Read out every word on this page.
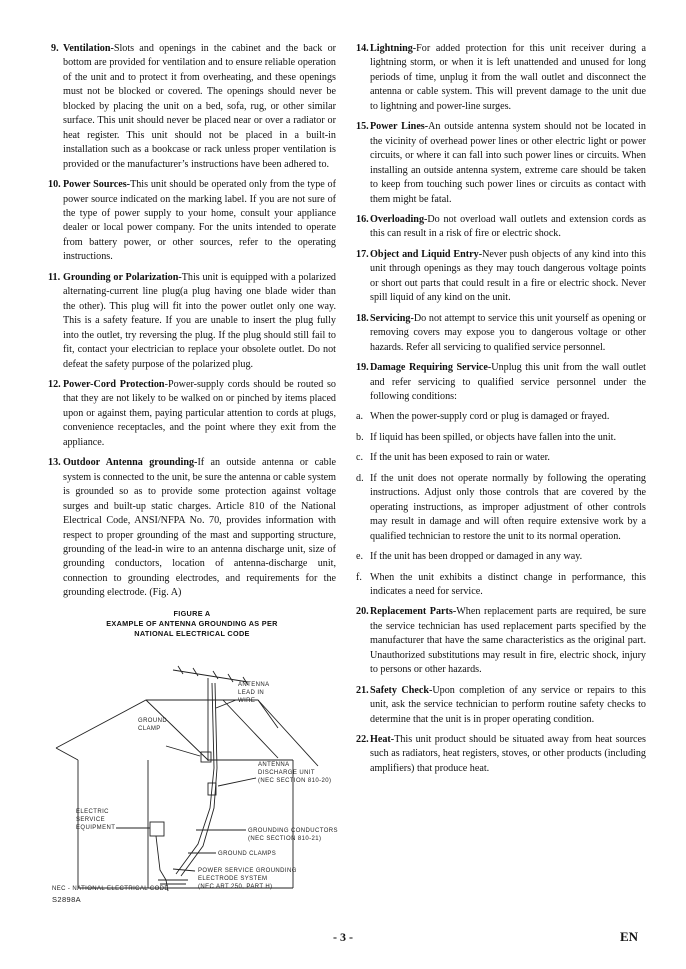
9. Ventilation-Slots and openings in the cabinet and the back or bottom are provided for ventilation and to ensure reliable operation of the unit and to protect it from overheating, and these openings must not be blocked or covered. The openings should never be blocked by placing the unit on a bed, sofa, rug, or other similar surface. This unit should never be placed near or over a radiator or heat register. This unit should not be placed in a built-in installation such as a bookcase or rack unless proper ventilation is provided or the manufacturer’s instructions have been adhered to.
10. Power Sources-This unit should be operated only from the type of power source indicated on the marking label. If you are not sure of the type of power supply to your home, consult your appliance dealer or local power company. For the units intended to operate from battery power, or other sources, refer to the operating instructions.
11. Grounding or Polarization-This unit is equipped with a polarized alternating-current line plug(a plug having one blade wider than the other). This plug will fit into the power outlet only one way. This is a safety feature. If you are unable to insert the plug fully into the outlet, try reversing the plug. If the plug should still fail to fit, contact your electrician to replace your obsolete outlet. Do not defeat the safety purpose of the polarized plug.
12. Power-Cord Protection-Power-supply cords should be routed so that they are not likely to be walked on or pinched by items placed upon or against them, paying particular attention to cords at plugs, convenience receptacles, and the point where they exit from the appliance.
13. Outdoor Antenna grounding-If an outside antenna or cable system is connected to the unit, be sure the antenna or cable system is grounded so as to provide some protection against voltage surges and built-up static charges. Article 810 of the National Electrical Code, ANSI/NFPA No. 70, provides information with respect to proper grounding of the mast and supporting structure, grounding of the lead-in wire to an antenna discharge unit, size of grounding conductors, location of antenna-discharge unit, connection to grounding electrodes, and requirements for the grounding electrode. (Fig. A)
FIGURE A
EXAMPLE OF ANTENNA GROUNDING AS PER
NATIONAL ELECTRICAL CODE
ANTENNA
LEAD IN
WIRE
GROUND
CLAMP
ANTENNA
DISCHARGE UNIT
(NEC SECTION 810-20)
ELECTRIC
SERVICE
EQUIPMENT	GROUNDING CONDUCTORS
(NEC SECTION 810-21)
GROUND CLAMPS
POWER SERVICE GROUNDING
ELECTRODE SYSTEM
(NEC ART 250, PART H)
NEC - NATIONAL ELECTRICAL CODE
S2898A
14. Lightning-For added protection for this unit receiver during a lightning storm, or when it is left unattended and unused for long periods of time, unplug it from the wall outlet and disconnect the antenna or cable system. This will prevent damage to the unit due to lightning and power-line surges.
15. Power Lines-An outside antenna system should not be located in the vicinity of overhead power lines or other electric light or power circuits, or where it can fall into such power lines or circuits. When installing an outside antenna system, extreme care should be taken to keep from touching such power lines or circuits as contact with them might be fatal.
16. Overloading-Do not overload wall outlets and extension cords as this can result in a risk of fire or electric shock.
17. Object and Liquid Entry-Never push objects of any kind into this unit through openings as they may touch dangerous voltage points or short out parts that could result in a fire or electric shock. Never spill liquid of any kind on the unit.
18. Servicing-Do not attempt to service this unit yourself as opening or removing covers may expose you to dangerous voltage or other hazards. Refer all servicing to qualified service personnel.
19. Damage Requiring Service-Unplug this unit from the wall outlet and refer servicing to qualified service personnel under the following conditions:
a. When the power-supply cord or plug is damaged or frayed.
b. If liquid has been spilled, or objects have fallen into the unit.
c. If the unit has been exposed to rain or water.
d. If the unit does not operate normally by following the operating instructions. Adjust only those controls that are covered by the operating instructions, as improper adjustment of other controls may result in damage and will often require extensive work by a qualified technician to restore the unit to its normal operation.
e. If the unit has been dropped or damaged in any way.
f. When the unit exhibits a distinct change in performance, this indicates a need for service.
20. Replacement Parts-When replacement parts are required, be sure the service technician has used replacement parts specified by the manufacturer that have the same characteristics as the original part. Unauthorized substitutions may result in fire, electric shock, injury to persons or other hazards.
21. Safety Check-Upon completion of any service or repairs to this unit, ask the service technician to perform routine safety checks to determine that the unit is in proper operating condition.
22. Heat-This unit product should be situated away from heat sources such as radiators, heat registers, stoves, or other products (including amplifiers) that produce heat.
- 3 -	EN
